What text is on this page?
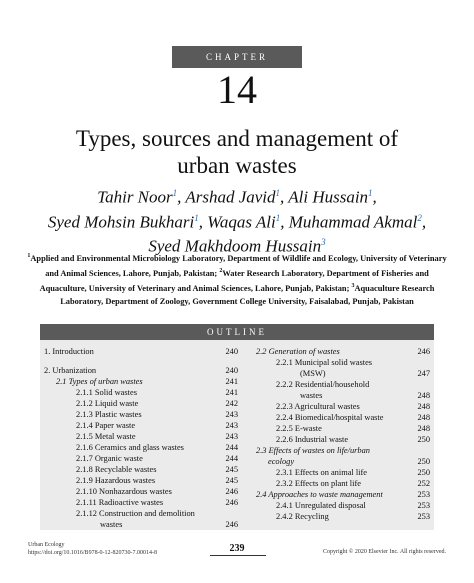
CHAPTER
14
Types, sources and management of
urban wastes
Tahir Noor$^1$, Arshad Javid$^1$, Ali Hussain$^1$,
Syed Mohsin Bukhari$^1$, Waqas Ali$^1$, Muhammad Akmal$^2$,
Syed Makhdoom Hussain$^3$
$^1$Applied and Environmental Microbiology Laboratory, Department of Wildlife and Ecology, University of Veterinary and Animal Sciences, Lahore, Punjab, Pakistan; $^2$Water Research Laboratory, Department of Fisheries and Aquaculture, University of Veterinary and Animal Sciences, Lahore, Punjab, Pakistan; $^3$Aquaculture Research Laboratory, Department of Zoology, Government College University, Faisalabad, Punjab, Pakistan
OUTLINE
1. Introduction	240
2. Urbanization	240
2.1 Types of urban wastes	241
2.1.1 Solid wastes	241
2.1.2 Liquid waste	242
2.1.3 Plastic wastes	243
2.1.4 Paper waste	243
2.1.5 Metal waste	243
2.1.6 Ceramics and glass wastes	244
2.1.7 Organic waste	244
2.1.8 Recyclable wastes	245
2.1.9 Hazardous wastes	245
2.1.10 Nonhazardous wastes	246
2.1.11 Radioactive wastes	246
2.1.12 Construction and demolition
wastes	246
2.2 Generation of wastes	246
2.2.1 Municipal solid wastes
(MSW)	247
2.2.2 Residential/household
wastes	248
2.2.3 Agricultural wastes	248
2.2.4 Biomedical/hospital waste	248
2.2.5 E-waste	248
2.2.6 Industrial waste	250
2.3 Effects of wastes on life/urban
ecology	250
2.3.1 Effects on animal life	250
2.3.2 Effects on plant life	252
2.4 Approaches to waste management	253
2.4.1 Unregulated disposal	253
2.4.2 Recycling	253
Urban Ecology
https://doi.org/10.1016/B978-0-12-820730-7.00014-8	239	Copyright © 2020 Elsevier Inc. All rights reserved.
